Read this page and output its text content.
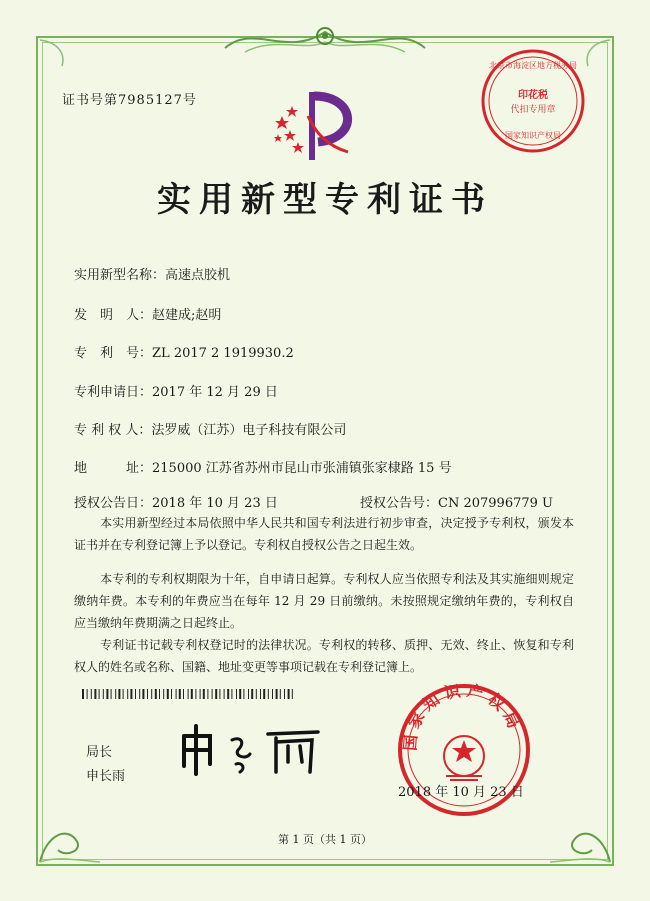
证书号第7985127号
北京市海淀区地方税务局
印花税
代扣专用章
国家知识产权局
实用新型专利证书
实用新型名称：高速点胶机
发　明　人：赵建成;赵明
专　利　号：ZL 2017 2 1919930.2
专利申请日：2017 年 12 月 29 日
专 利 权 人：法罗威（江苏）电子科技有限公司
地　　　址：215000 江苏省苏州市昆山市张浦镇张家棣路 15 号
授权公告日：2018 年 10 月 23 日	授权公告号：CN 207996779 U
本实用新型经过本局依照中华人民共和国专利法进行初步审查，决定授予专利权，颁发本证书并在专利登记簿上予以登记。专利权自授权公告之日起生效。
本专利的专利权期限为十年，自申请日起算。专利权人应当依照专利法及其实施细则规定缴纳年费。本专利的年费应当在每年 12 月 29 日前缴纳。未按照规定缴纳年费的，专利权自应当缴纳年费期满之日起终止。
专利证书记载专利权登记时的法律状况。专利权的转移、质押、无效、终止、恢复和专利权人的姓名或名称、国籍、地址变更等事项记载在专利登记簿上。
局长
申长雨
国家知识产权局
2018 年 10 月 23 日
第 1 页（共 1 页）
